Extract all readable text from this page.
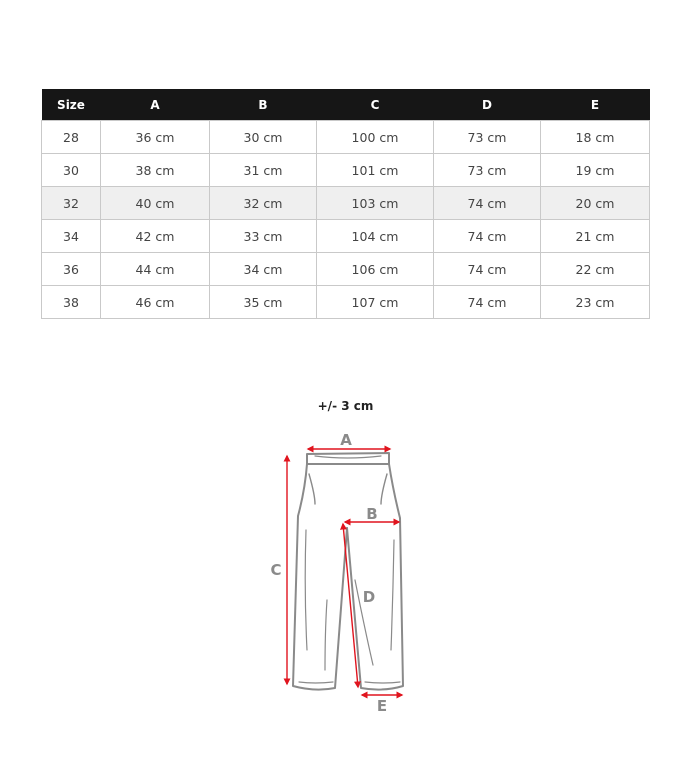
Size	A	B	C	D	E
28	36 cm	30 cm	100 cm	73 cm	18 cm
30	38 cm	31 cm	101 cm	73 cm	19 cm
32	40 cm	32 cm	103 cm	74 cm	20 cm
34	42 cm	33 cm	104 cm	74 cm	21 cm
36	44 cm	34 cm	106 cm	74 cm	22 cm
38	46 cm	35 cm	107 cm	74 cm	23 cm
+/- 3 cm
A
B
C
D
E
